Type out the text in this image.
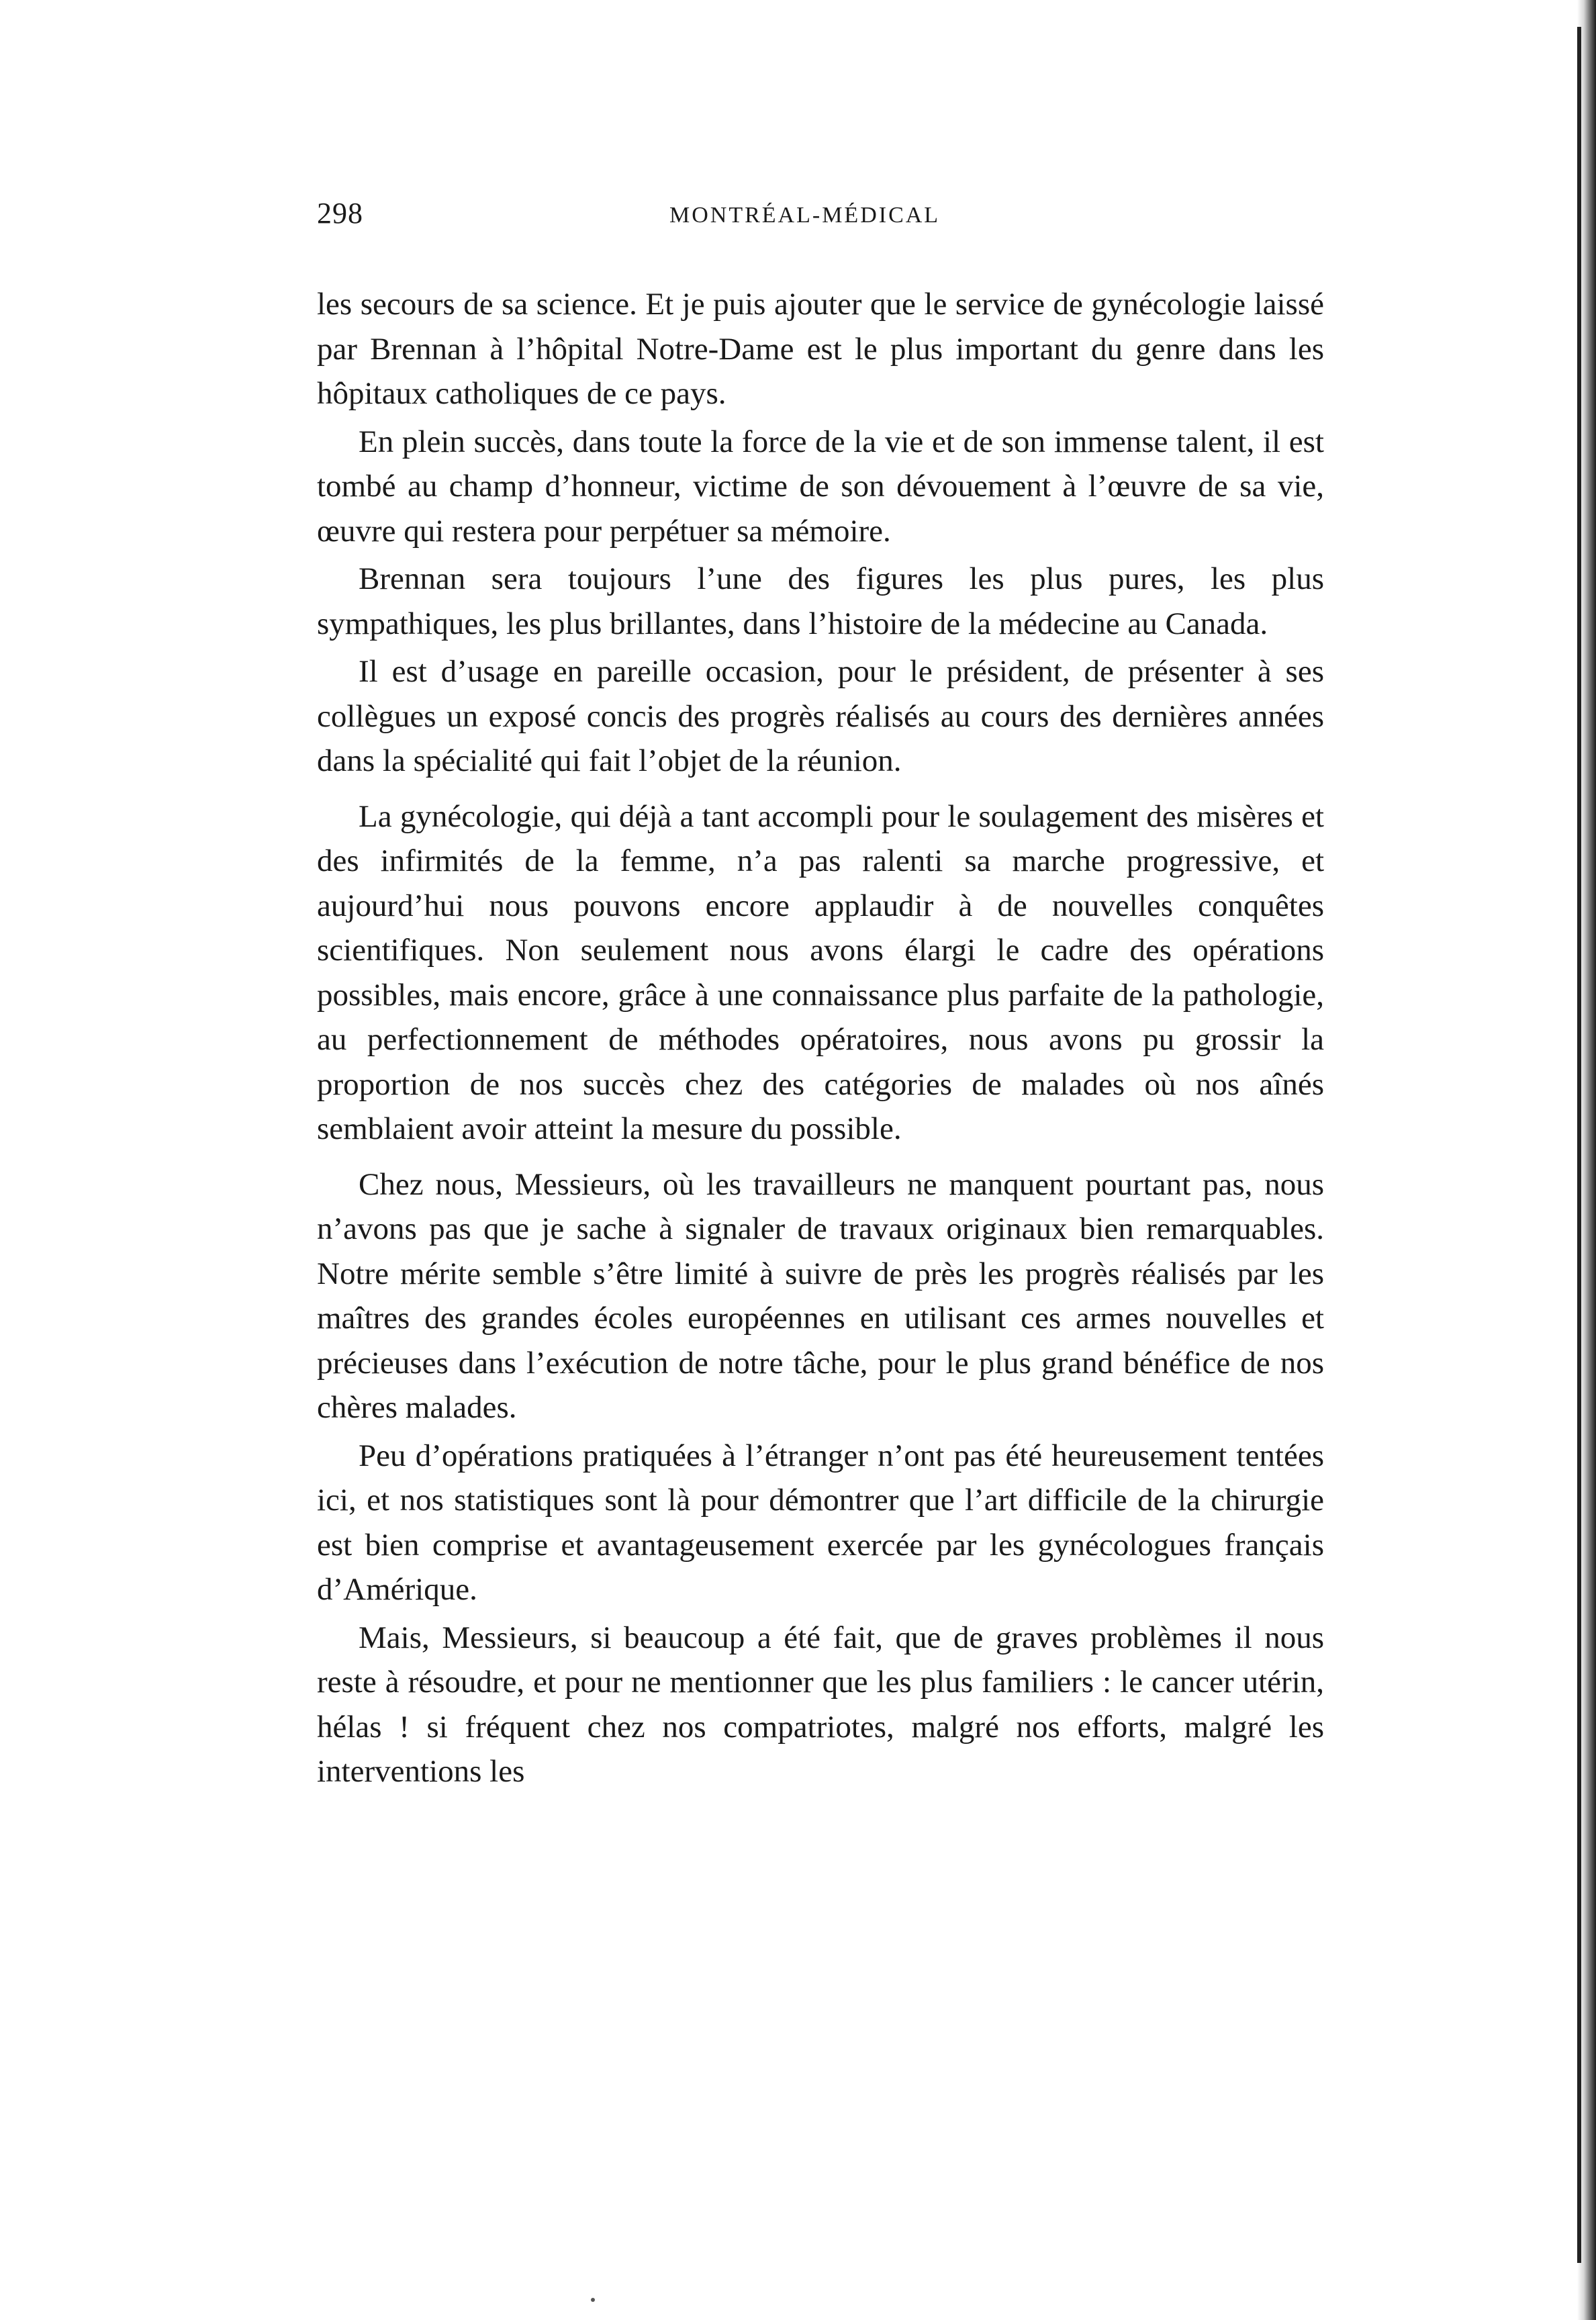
298	MONTRÉAL-MÉDICAL

les secours de sa science. Et je puis ajouter que le service de gynécologie laissé par Brennan à l’hôpital Notre-Dame est le plus important du genre dans les hôpitaux catholiques de ce pays.

En plein succès, dans toute la force de la vie et de son immense talent, il est tombé au champ d’honneur, victime de son dévouement à l’œuvre de sa vie, œuvre qui restera pour perpétuer sa mémoire.

Brennan sera toujours l’une des figures les plus pures, les plus sympathiques, les plus brillantes, dans l’histoire de la médecine au Canada.

Il est d’usage en pareille occasion, pour le président, de présenter à ses collègues un exposé concis des progrès réalisés au cours des dernières années dans la spécialité qui fait l’objet de la réunion.

La gynécologie, qui déjà a tant accompli pour le soulagement des misères et des infirmités de la femme, n’a pas ralenti sa marche progressive, et aujourd’hui nous pouvons encore applaudir à de nouvelles conquêtes scientifiques. Non seulement nous avons élargi le cadre des opérations possibles, mais encore, grâce à une connaissance plus parfaite de la pathologie, au perfectionnement de méthodes opératoires, nous avons pu grossir la proportion de nos succès chez des catégories de malades où nos aînés semblaient avoir atteint la mesure du possible.

Chez nous, Messieurs, où les travailleurs ne manquent pourtant pas, nous n’avons pas que je sache à signaler de travaux originaux bien remarquables. Notre mérite semble s’être limité à suivre de près les progrès réalisés par les maîtres des grandes écoles européennes en utilisant ces armes nouvelles et précieuses dans l’exécution de notre tâche, pour le plus grand bénéfice de nos chères malades.

Peu d’opérations pratiquées à l’étranger n’ont pas été heureusement tentées ici, et nos statistiques sont là pour démontrer que l’art difficile de la chirurgie est bien comprise et avantageusement exercée par les gynécologues français d’Amérique.

Mais, Messieurs, si beaucoup a été fait, que de graves problèmes il nous reste à résoudre, et pour ne mentionner que les plus familiers : le cancer utérin, hélas ! si fréquent chez nos compatriotes, malgré nos efforts, malgré les interventions les
